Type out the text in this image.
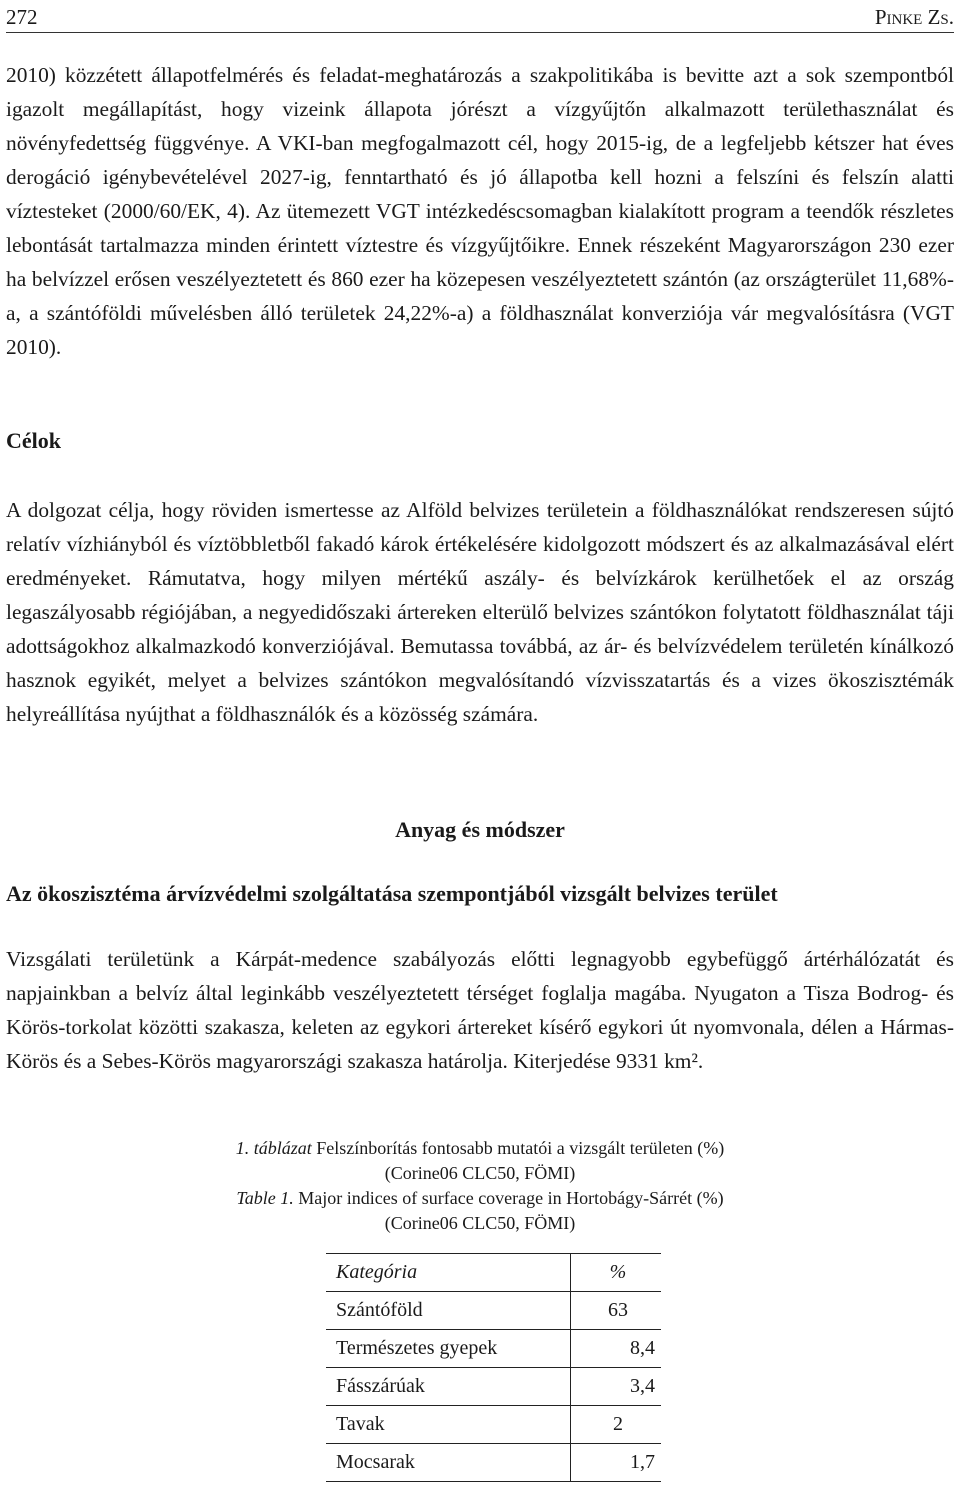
272	Pinke Zs.

2010) közzétett állapotfelmérés és feladat-meghatározás a szakpolitikába is bevitte azt a sok szempontból igazolt megállapítást, hogy vizeink állapota jórészt a vízgyűjtőn alkalmazott területhasználat és növényfedettség függvénye. A VKI-ban megfogalmazott cél, hogy 2015-ig, de a legfeljebb kétszer hat éves derogáció igénybevételével 2027-ig, fenntartható és jó állapotba kell hozni a felszíni és felszín alatti víztesteket (2000/60/EK, 4). Az ütemezett VGT intézkedéscsomagban kialakított program a teendők részletes lebontását tartalmazza minden érintett víztestre és vízgyűjtőikre. Ennek részeként Magyarországon 230 ezer ha belvízzel erősen veszélyeztetett és 860 ezer ha közepesen veszélyeztetett szántón (az országterület 11,68%-a, a szántóföldi művelésben álló területek 24,22%-a) a földhasználat konverziója vár megvalósításra (VGT 2010).

Célok

A dolgozat célja, hogy röviden ismertesse az Alföld belvizes területein a földhasználókat rendszeresen sújtó relatív vízhiányból és víztöbbletből fakadó károk értékelésére kidolgozott módszert és az alkalmazásával elért eredményeket. Rámutatva, hogy milyen mértékű aszály- és belvízkárok kerülhetőek el az ország legaszályosabb régiójában, a negyedidőszaki ártereken elterülő belvizes szántókon folytatott földhasználat táji adottságokhoz alkalmazkodó konverziójával. Bemutassa továbbá, az ár- és belvízvédelem területén kínálkozó hasznok egyikét, melyet a belvizes szántókon megvalósítandó vízvisszatartás és a vizes ökoszisztémák helyreállítása nyújthat a földhasználók és a közösség számára.

Anyag és módszer
Az ökoszisztéma árvízvédelmi szolgáltatása szempontjából vizsgált belvizes terület

Vizsgálati területünk a Kárpát-medence szabályozás előtti legnagyobb egybefüggő ártérhálózatát és napjainkban a belvíz által leginkább veszélyeztetett térséget foglalja magába. Nyugaton a Tisza Bodrog- és Körös-torkolat közötti szakasza, keleten az egykori ártereket kísérő egykori út nyomvonala, délen a Hármas-Körös és a Sebes-Körös magyarországi szakasza határolja. Kiterjedése 9331 km².

1. táblázat Felszínborítás fontosabb mutatói a vizsgált területen (%)

(Corine06 CLC50, FÖMI)

Table 1. Major indices of surface coverage in Hortobágy-Sárrét (%)

(Corine06 CLC50, FÖMI)

Kategória	%
Szántóföld	63
Természetes gyepek	8,4
Fásszárúak	3,4
Tavak	2
Mocsarak	1,7
